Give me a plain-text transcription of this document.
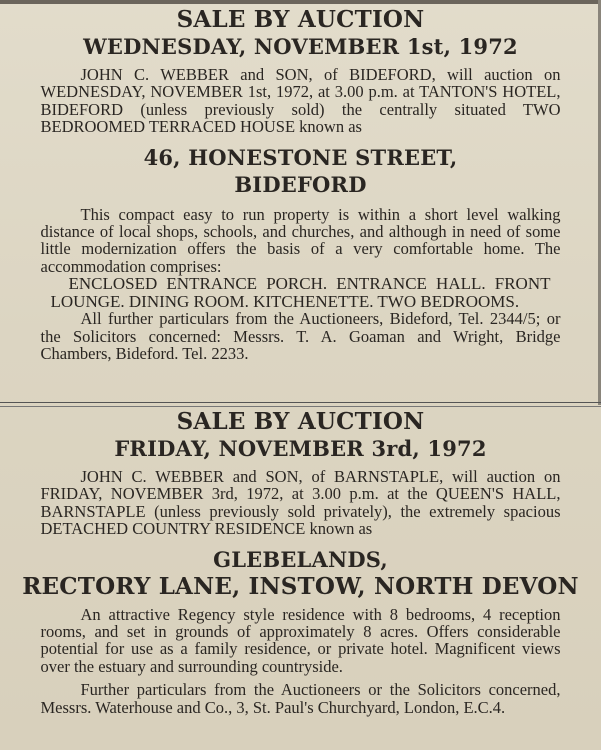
SALE BY AUCTION

WEDNESDAY, NOVEMBER 1st, 1972

JOHN C. WEBBER and SON, of BIDEFORD, will auction on WEDNESDAY, NOVEMBER 1st, 1972, at 3.00 p.m. at TANTON'S HOTEL, BIDEFORD (unless previously sold) the centrally situated TWO BEDROOMED TERRACED HOUSE known as

46, HONESTONE STREET,

BIDEFORD

This compact easy to run property is within a short level walking distance of local shops, schools, and churches, and although in need of some little modernization offers the basis of a very comfortable home. The accommodation comprises:

ENCLOSED ENTRANCE PORCH. ENTRANCE HALL. FRONT LOUNGE. DINING ROOM. KITCHENETTE. TWO BEDROOMS.

All further particulars from the Auctioneers, Bideford, Tel. 2344/5; or the Solicitors concerned: Messrs. T. A. Goaman and Wright, Bridge Chambers, Bideford. Tel. 2233.

SALE BY AUCTION

FRIDAY, NOVEMBER 3rd, 1972

JOHN C. WEBBER and SON, of BARNSTAPLE, will auction on FRIDAY, NOVEMBER 3rd, 1972, at 3.00 p.m. at the QUEEN'S HALL, BARNSTAPLE (unless previously sold privately), the extremely spacious DETACHED COUNTRY RESIDENCE known as

GLEBELANDS,

RECTORY LANE, INSTOW, NORTH DEVON

An attractive Regency style residence with 8 bedrooms, 4 reception rooms, and set in grounds of approximately 8 acres. Offers considerable potential for use as a family residence, or private hotel. Magnificent views over the estuary and surrounding countryside.

Further particulars from the Auctioneers or the Solicitors concerned, Messrs. Waterhouse and Co., 3, St. Paul's Churchyard, London, E.C.4.
